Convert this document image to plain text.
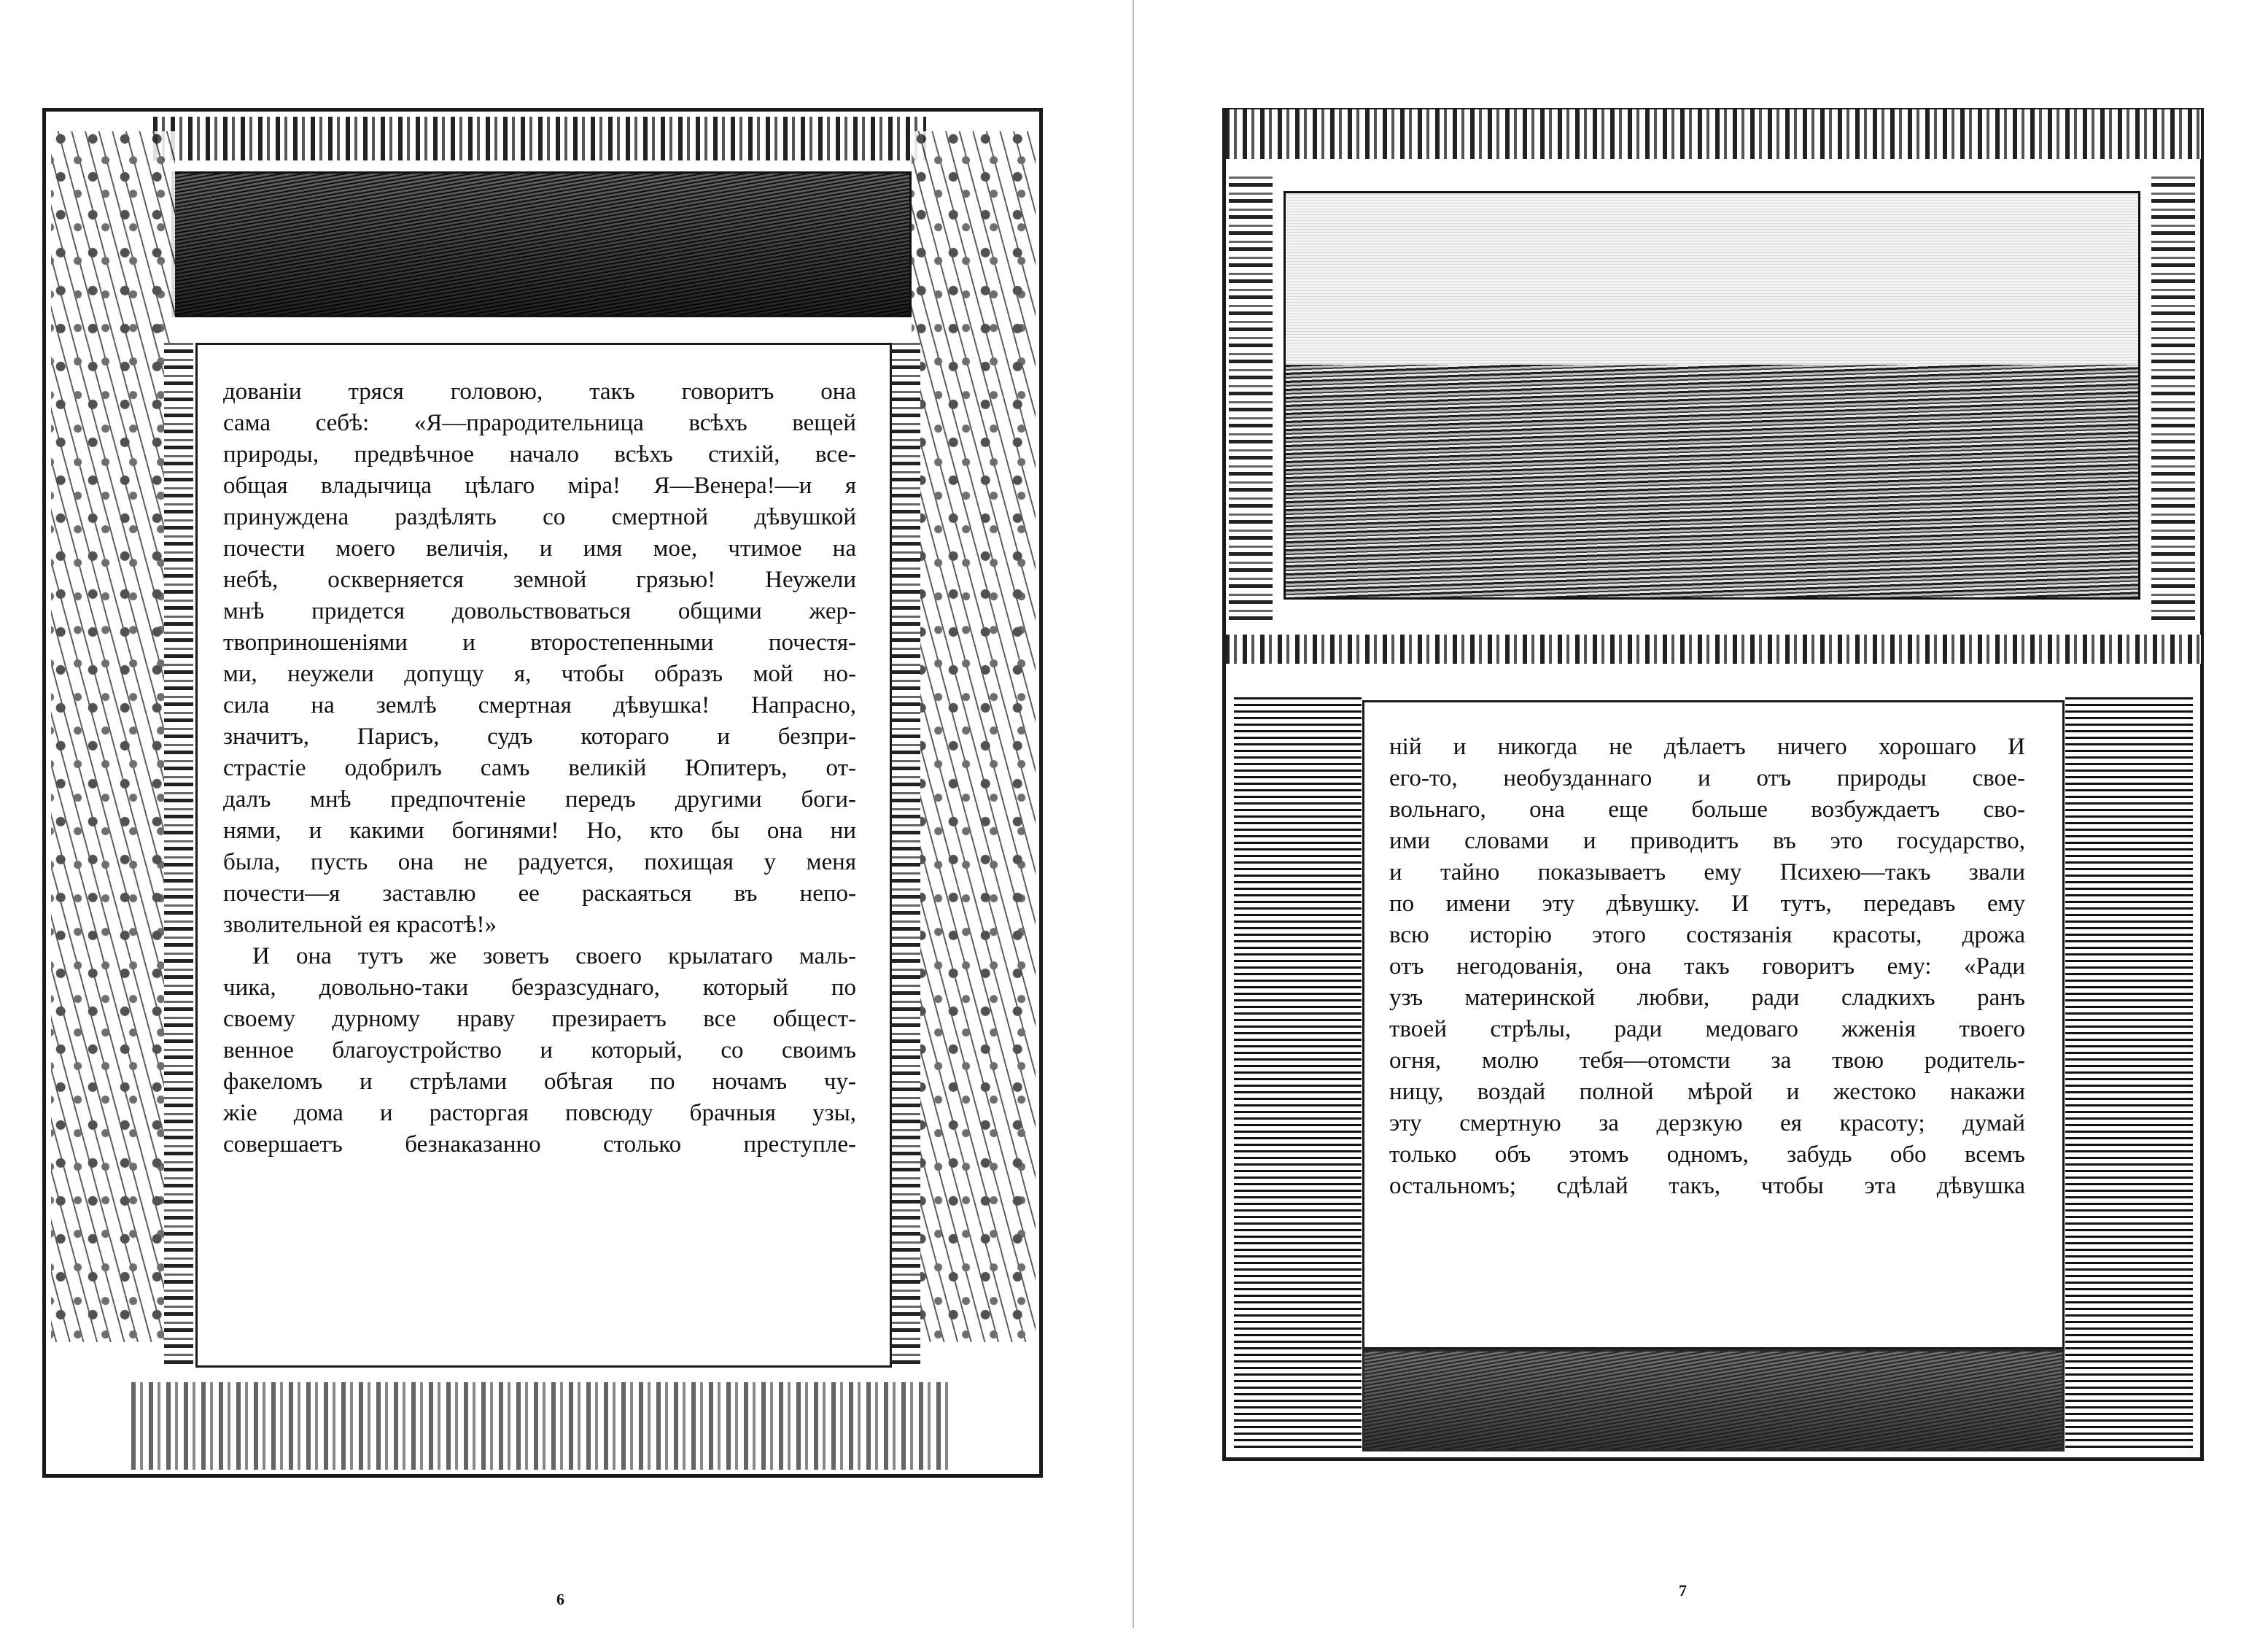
дованіи тряся головою, такъ говоритъ она
сама себѣ: «Я—прародительница всѣхъ вещей
природы, предвѣчное начало всѣхъ стихій, все-
общая владычица цѣлаго міра! Я—Венера!—и я
принуждена раздѣлять со смертной дѣвушкой
почести моего величія, и имя мое, чтимое на
небѣ, оскверняется земной грязью! Неужели
мнѣ придется довольствоваться общими жер-
твоприношеніями и второстепенными почестя-
ми, неужели допущу я, чтобы образъ мой но-
сила на землѣ смертная дѣвушка! Напрасно,
значитъ, Парисъ, судъ котораго и безпри-
страстіе одобрилъ самъ великій Юпитеръ, от-
далъ мнѣ предпочтеніе передъ другими боги-
нями, и какими богинями! Но, кто бы она ни
была, пусть она не радуется, похищая у меня
почести—я заставлю ее раскаяться въ непо-
зволительной ея красотѣ!»
И она тутъ же зоветъ своего крылатаго маль-
чика, довольно-таки безразсуднаго, который по
своему дурному нраву презираетъ все общест-
венное благоустройство и который, со своимъ
факеломъ и стрѣлами обѣгая по ночамъ чу-
жіе дома и расторгая повсюду брачныя узы,
совершаетъ безнаказанно столько преступле-
6
ній и никогда не дѣлаетъ ничего хорошаго И
его-то, необузданнаго и отъ природы свое-
вольнаго, она еще больше возбуждаетъ сво-
ими словами и приводитъ въ это государство,
и тайно показываетъ ему Психею—такъ звали
по имени эту дѣвушку. И тутъ, передавъ ему
всю исторію этого состязанія красоты, дрожа
отъ негодованія, она такъ говоритъ ему: «Ради
узъ материнской любви, ради сладкихъ ранъ
твоей стрѣлы, ради медоваго жженія твоего
огня, молю тебя—отомсти за твою родитель-
ницу, воздай полной мѣрой и жестоко накажи
эту смертную за дерзкую ея красоту; думай
только объ этомъ одномъ, забудь обо всемъ
остальномъ; сдѣлай такъ, чтобы эта дѣвушка
7
